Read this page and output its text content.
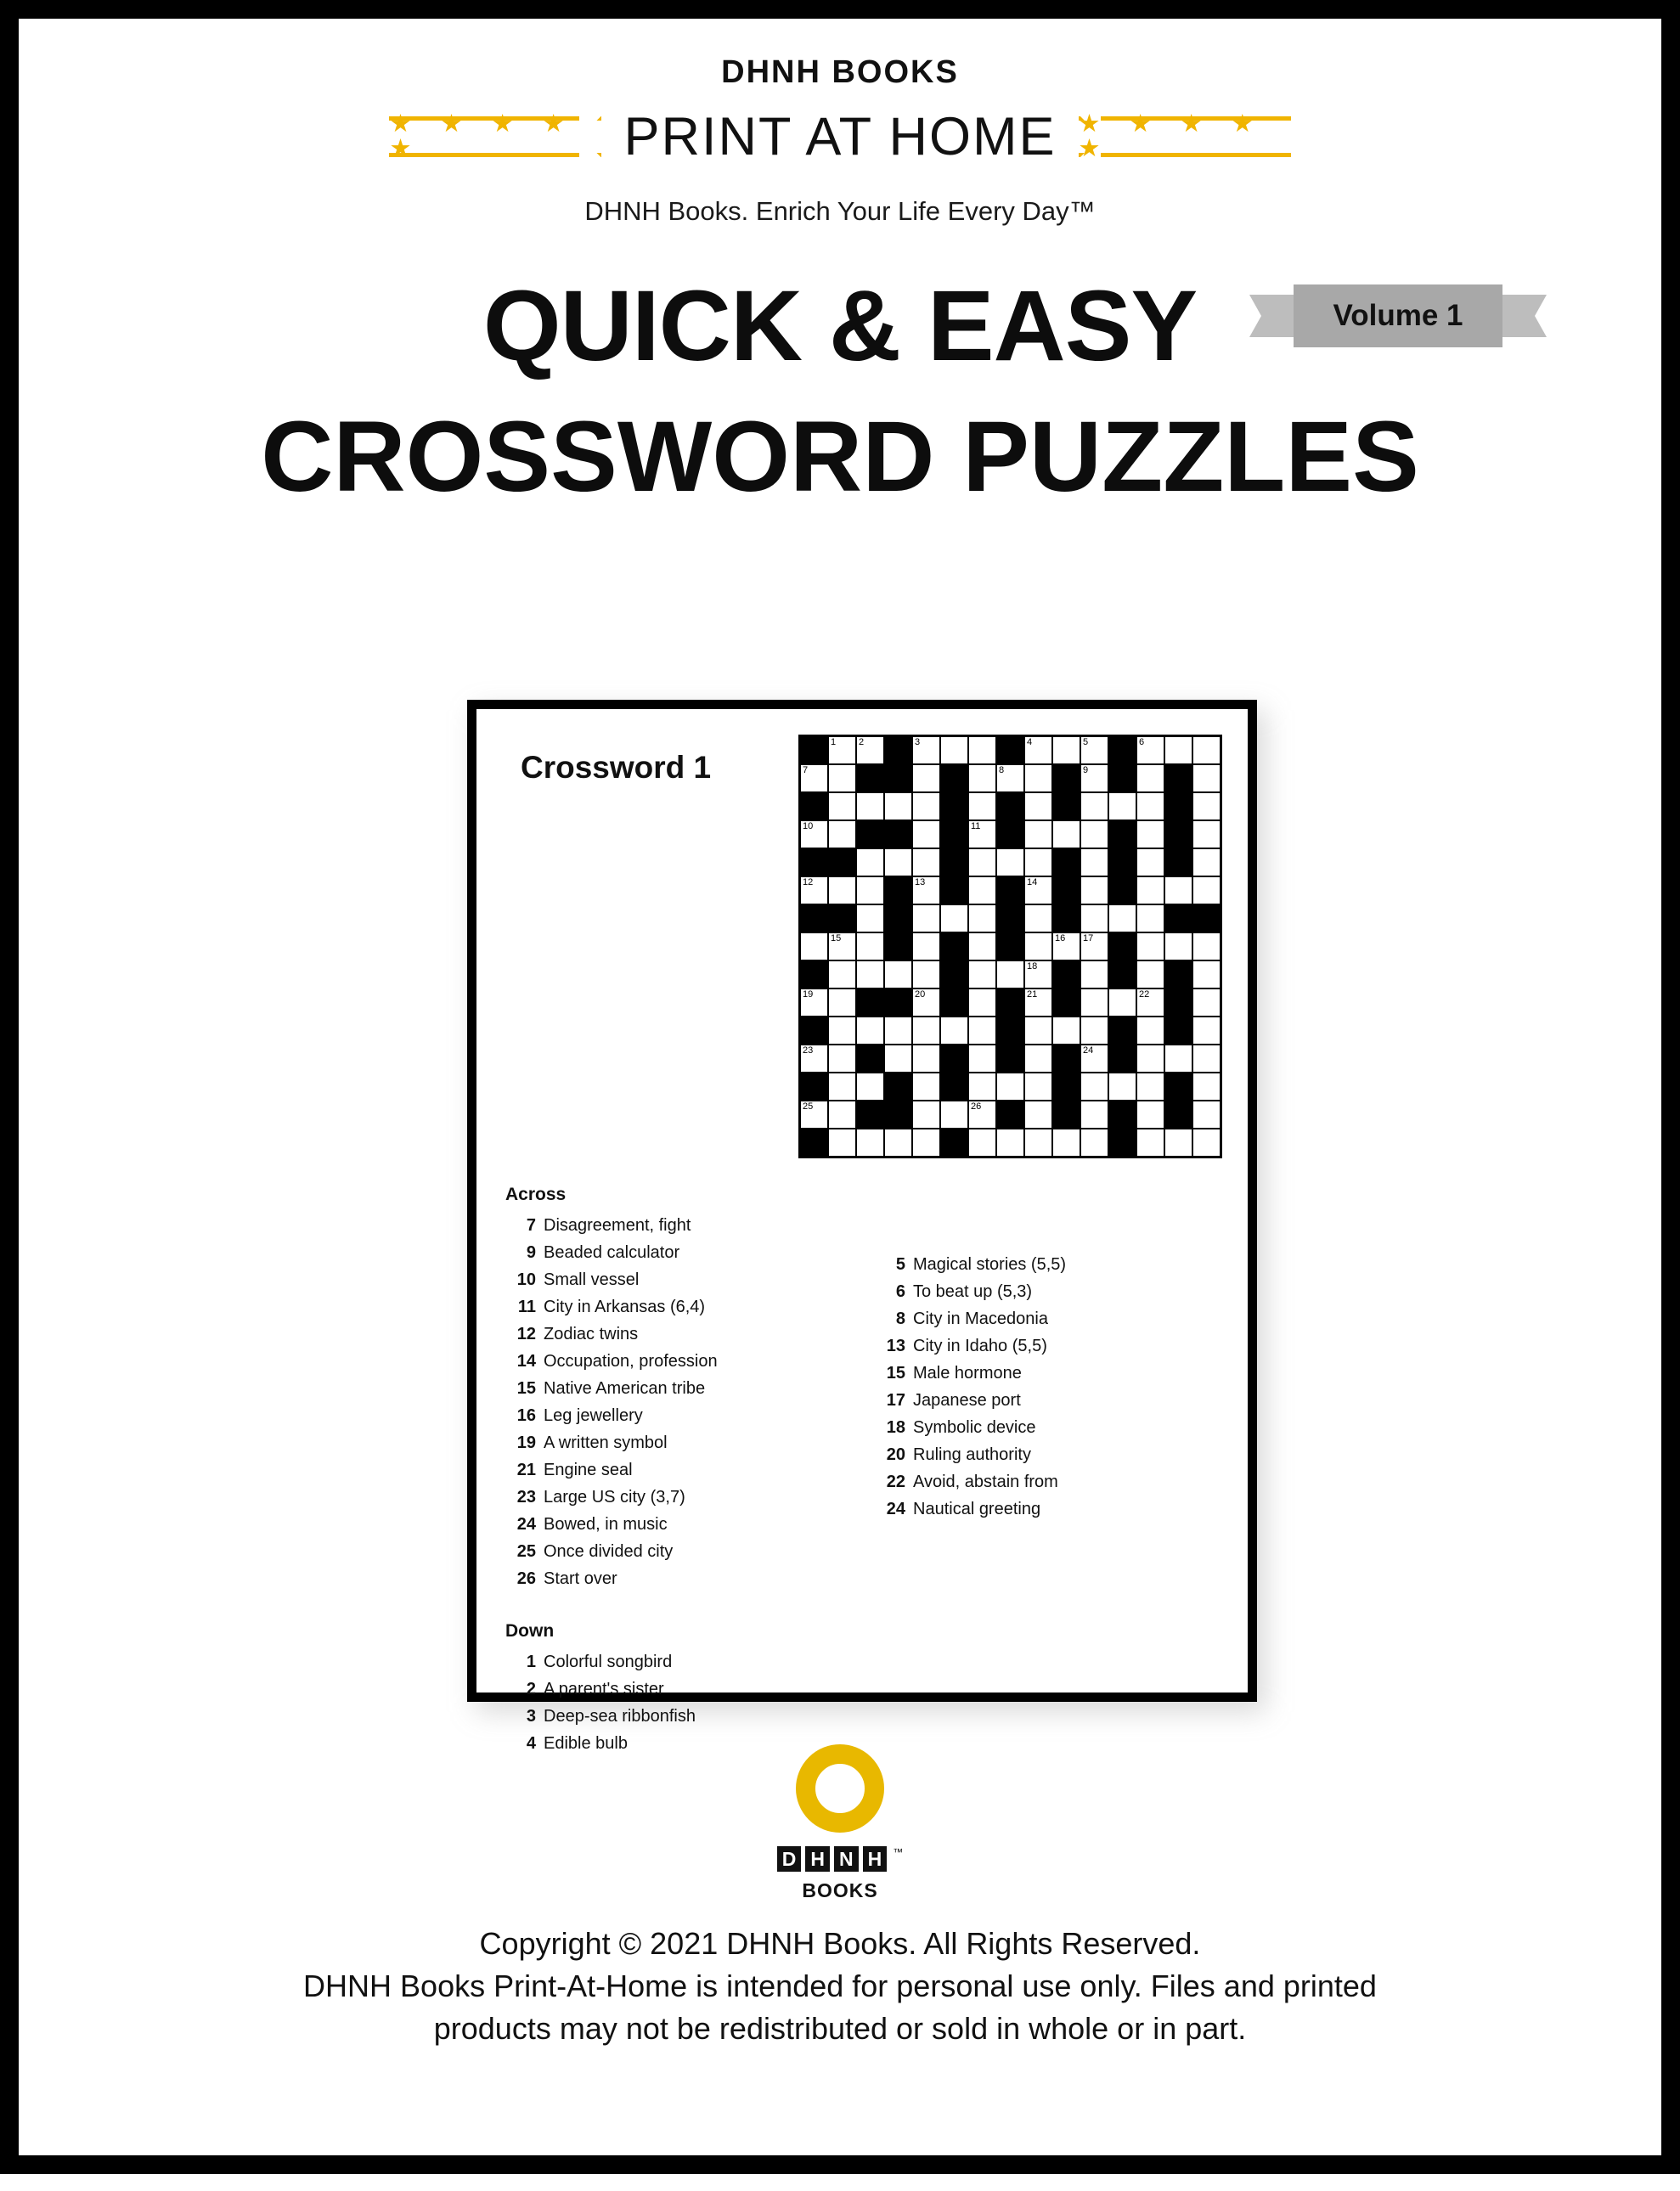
DHNH BOOKS
★ ★ ★ ★ ★	PRINT AT HOME ★ ★ ★ ★ ★
DHNH Books. Enrich Your Life Every Day™
QUICK & EASY	Volume 1
CROSSWORD PUZZLES
Crossword 1
1 2	3	4	5	6
7	8	9
10	11
12	13	14
15	16 17
18
19	20	21	22
23	24
25	26
Across
7 Disagreement, fight
9 Beaded calculator
10 Small vessel
11 City in Arkansas (6,4)
12 Zodiac twins
14 Occupation, profession
15 Native American tribe
16 Leg jewellery
19 A written symbol
21 Engine seal
23 Large US city (3,7)
24 Bowed, in music
25 Once divided city
26 Start over
Down
1 Colorful songbird
2 A parent's sister
3 Deep-sea ribbonfish
4 Edible bulb
5 Magical stories (5,5)
6 To beat up (5,3)
8 City in Macedonia
13 City in Idaho (5,5)
15 Male hormone
17 Japanese port
18 Symbolic device
20 Ruling authority
22 Avoid, abstain from
24 Nautical greeting
D H N H	™
BOOKS
Copyright © 2021 DHNH Books. All Rights Reserved.
DHNH Books Print-At-Home is intended for personal use only. Files and printed
products may not be redistributed or sold in whole or in part.
